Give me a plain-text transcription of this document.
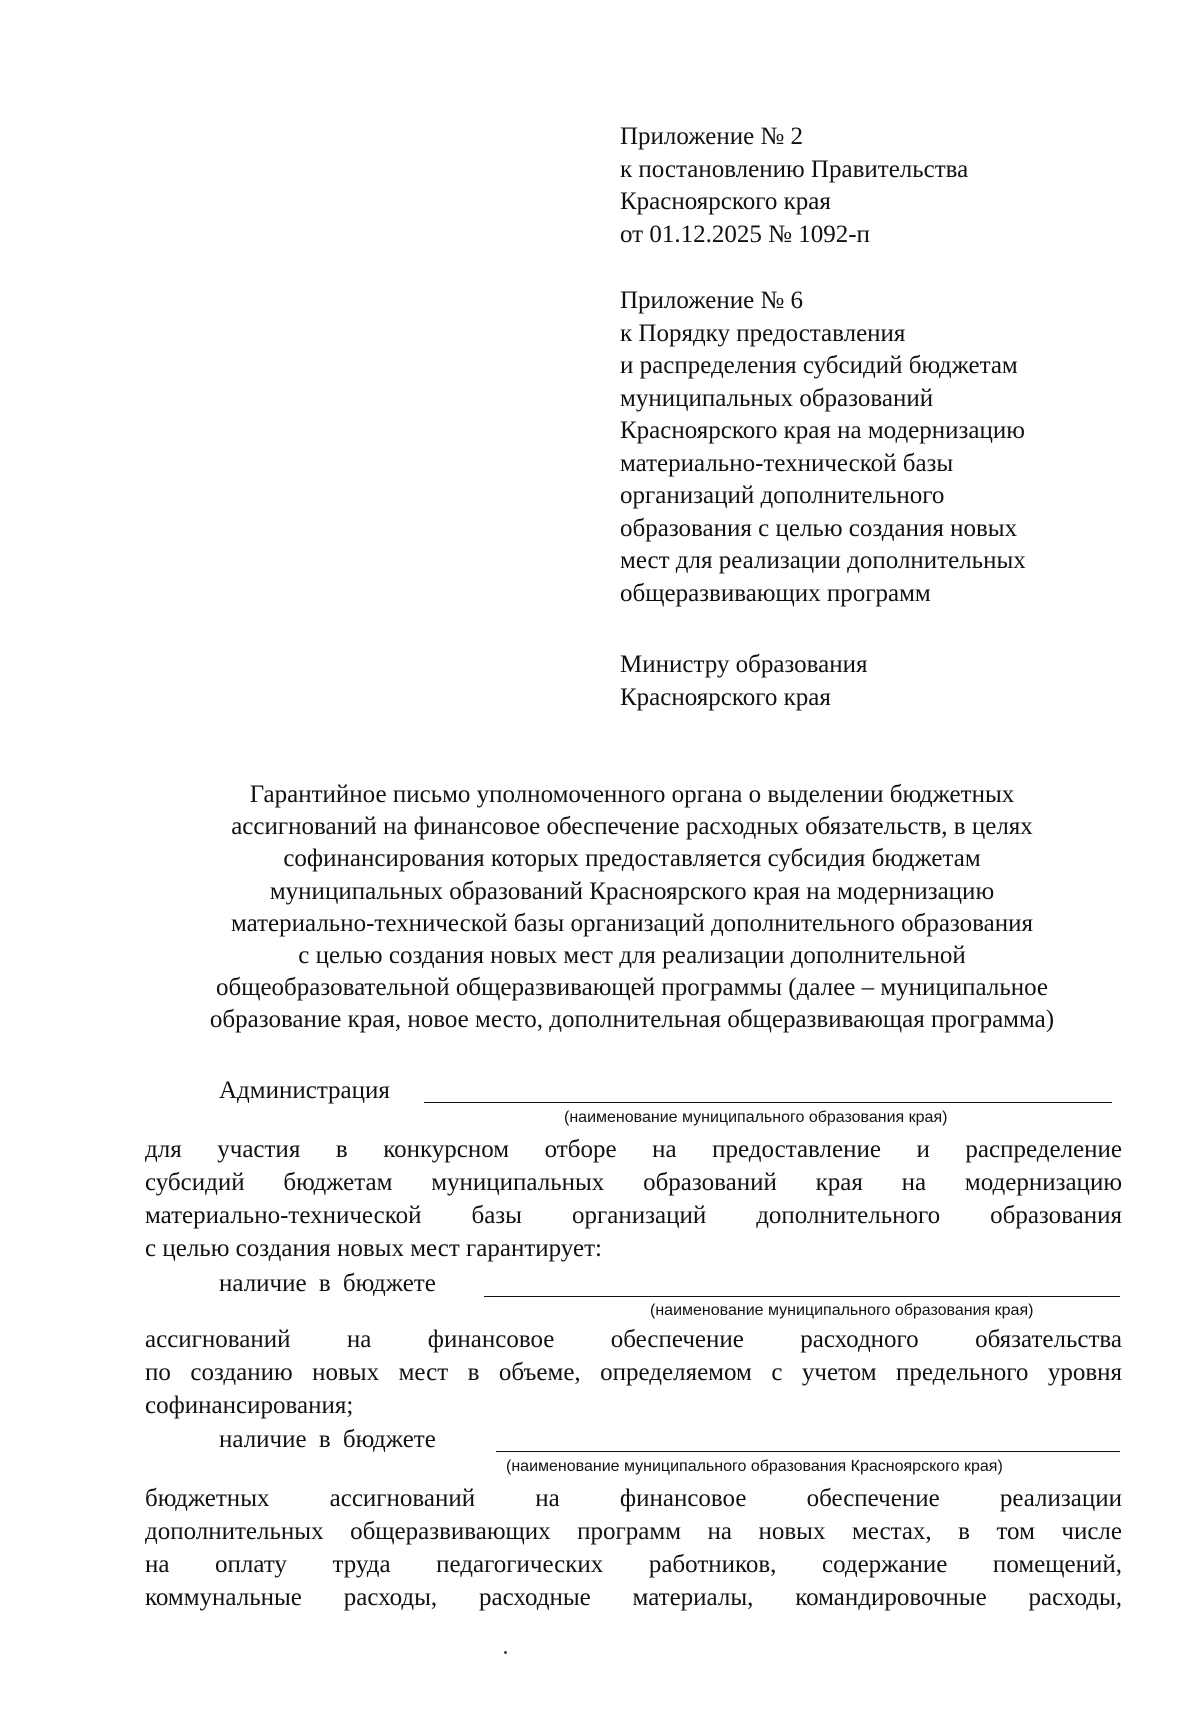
Приложение № 2
к постановлению Правительства
Красноярского края
от 01.12.2025 № 1092-п
Приложение № 6
к Порядку предоставления
и распределения субсидий бюджетам
муниципальных образований
Красноярского края на модернизацию
материально-технической базы
организаций дополнительного
образования с целью создания новых
мест для реализации дополнительных
общеразвивающих программ
Министру образования
Красноярского края
Гарантийное письмо уполномоченного органа о выделении бюджетных
ассигнований на финансовое обеспечение расходных обязательств, в целях
софинансирования которых предоставляется субсидия бюджетам
муниципальных образований Красноярского края на модернизацию
материально-технической базы организаций дополнительного образования
с целью создания новых мест для реализации дополнительной
общеобразовательной общеразвивающей программы (далее – муниципальное
образование края, новое место, дополнительная общеразвивающая программа)
Администрация
(наименование муниципального образования края)
для участия в конкурсном отборе на предоставление и распределение
субсидий бюджетам муниципальных образований края на модернизацию
материально-технической базы организаций дополнительного образования
с целью создания новых мест гарантирует:
наличие в бюджете
(наименование муниципального образования края)
ассигнований на финансовое обеспечение расходного обязательства
по созданию новых мест в объеме, определяемом с учетом предельного уровня
софинансирования;
наличие в бюджете
(наименование муниципального образования Красноярского края)
бюджетных ассигнований на финансовое обеспечение реализации
дополнительных общеразвивающих программ на новых местах, в том числе
на оплату труда педагогических работников, содержание помещений,
коммунальные расходы, расходные материалы, командировочные расходы,
